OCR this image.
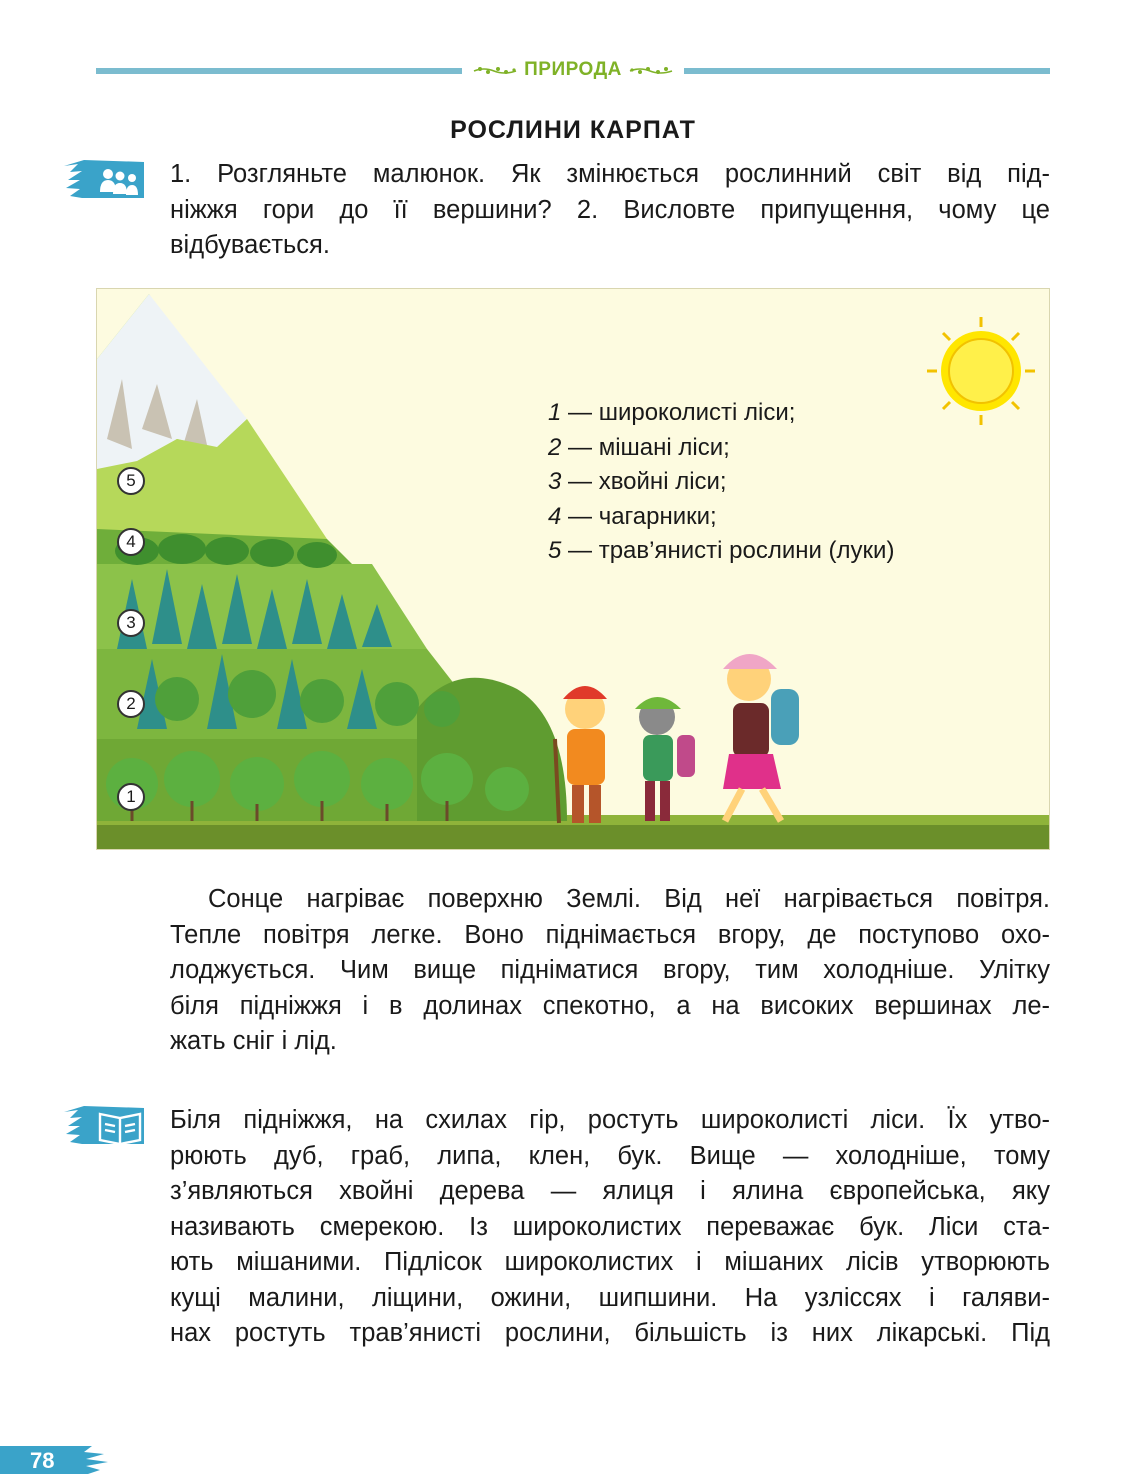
ПРИРОДА
РОСЛИНИ КАРПАТ
1. Розгляньте малюнок. Як змінюється рослинний світ від під-
ніжжя гори до її вершини? 2. Висловте припущення, чому це
відбувається.
5
4
3
2
1
1 — широколисті ліси;
2 — мішані ліси;
3 — хвойні ліси;
4 — чагарники;
5 — трав’янисті рослини (луки)
Сонце нагріває поверхню Землі. Від неї нагрівається повітря.
Тепле повітря легке. Воно піднімається вгору, де поступово охо-
лоджується. Чим вище підніматися вгору, тим холодніше. Улітку
біля підніжжя і в долинах спекотно, а на високих вершинах ле-
жать сніг і лід.
Біля підніжжя, на схилах гір, ростуть широколисті ліси. Їх утво-
рюють дуб, граб, липа, клен, бук. Вище — холодніше, тому
з’являються хвойні дерева — ялиця і ялина європейська, яку
називають смерекою. Із широколистих переважає бук. Ліси ста-
ють мішаними. Підлісок широколистих і мішаних лісів утворюють
кущі малини, ліщини, ожини, шипшини. На узліссях і галяви-
нах ростуть трав’янисті рослини, більшість із них лікарські. Під
78
